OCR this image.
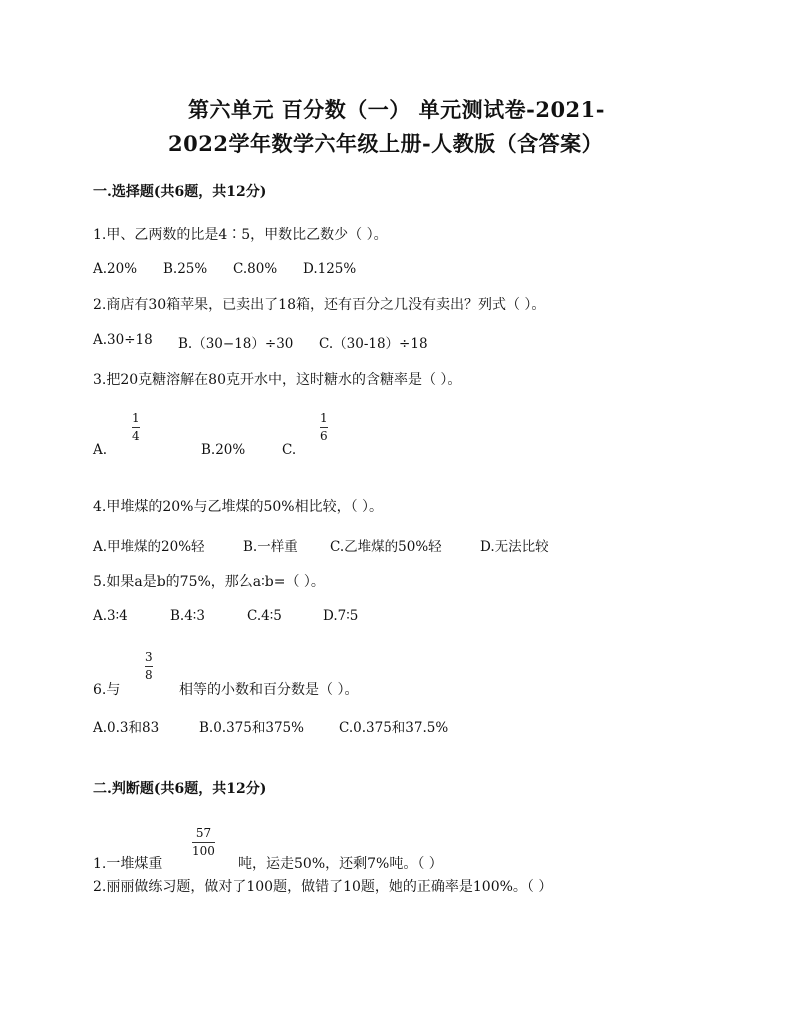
第六单元 百分数（一） 单元测试卷-2021-
2022学年数学六年级上册-人教版（含答案）
一.选择题(共6题，共12分)
1.甲、乙两数的比是4∶5，甲数比乙数少（ ）。
A.20% B.25% C.80% D.125%
2.商店有30箱苹果，已卖出了18箱，还有百分之几没有卖出？列式（ ）。
A.30÷18 B.（30−18）÷30 C.（30-18）÷18
3.把20克糖溶解在80克开水中，这时糖水的含糖率是（ ）。
A.
1
4
B.20%	C.
1
6
4.甲堆煤的20%与乙堆煤的50%相比较，（ ）。
A.甲堆煤的20%轻	B.一样重 C.乙堆煤的50%轻	D.无法比较
5.如果a是b的75%，那么a∶b=（ ）。
A.3∶4	B.4∶3	C.4∶5	D.7∶5
6.与
3
8
相等的小数和百分数是（ ）。
A.0.3和83	B.0.375和375%	C.0.375和37.5%
二.判断题(共6题，共12分)
1.一堆煤重
57
100
吨，运走50%，还剩7%吨。（ ）
2.丽丽做练习题，做对了100题，做错了10题，她的正确率是100%。（ ）
